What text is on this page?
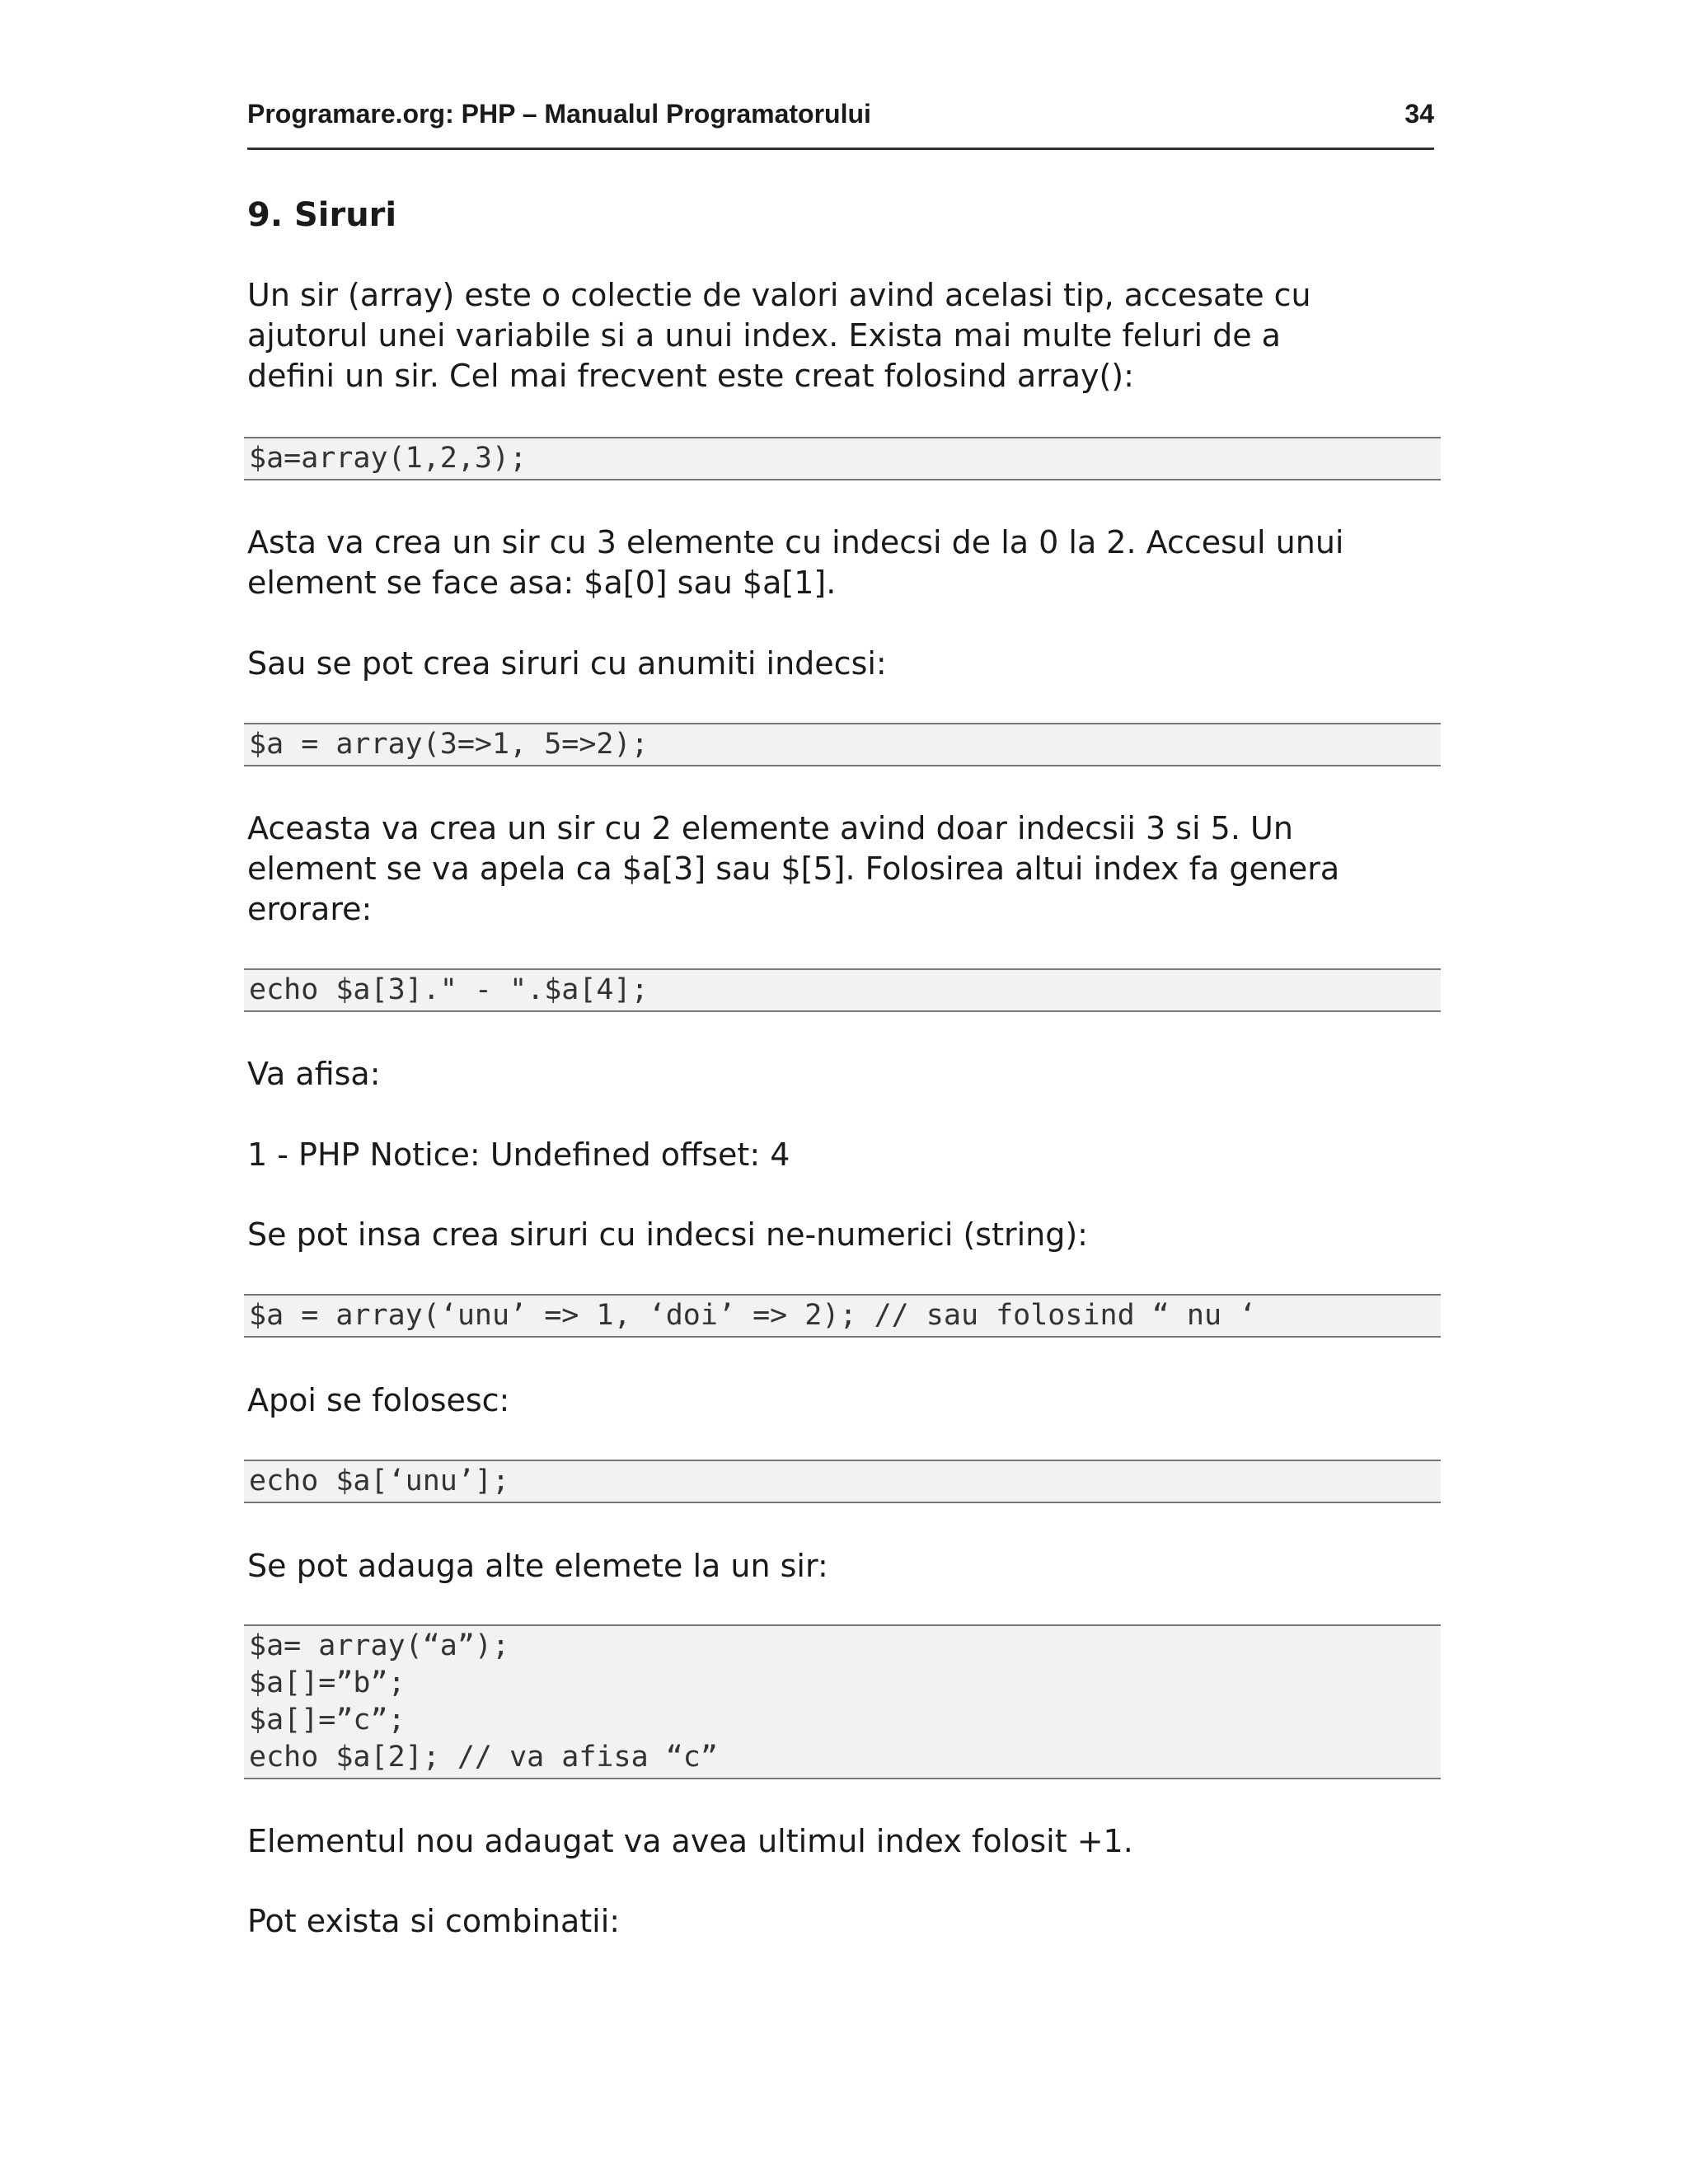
Programare.org: PHP – Manualul Programatorului	34
9. Siruri
Un sir (array) este o colectie de valori avind acelasi tip, accesate cu
ajutorul unei variabile si a unui index. Exista mai multe feluri de a
defini un sir. Cel mai frecvent este creat folosind array():
$a=array(1,2,3);
Asta va crea un sir cu 3 elemente cu indecsi de la 0 la 2. Accesul unui
element se face asa: $a[0] sau $a[1].
Sau se pot crea siruri cu anumiti indecsi:
$a = array(3=>1, 5=>2);
Aceasta va crea un sir cu 2 elemente avind doar indecsii 3 si 5. Un
element se va apela ca $a[3] sau $[5]. Folosirea altui index fa genera
erorare:
echo $a[3]." - ".$a[4];
Va afisa:
1 - PHP Notice: Undefined offset: 4
Se pot insa crea siruri cu indecsi ne-numerici (string):
$a = array(‘unu’ => 1, ‘doi’ => 2); // sau folosind “ nu ‘
Apoi se folosesc:
echo $a[‘unu’];
Se pot adauga alte elemete la un sir:
$a= array(“a”);
$a[]=”b”;
$a[]=”c”;
echo $a[2]; // va afisa “c”
Elementul nou adaugat va avea ultimul index folosit +1.
Pot exista si combinatii:
